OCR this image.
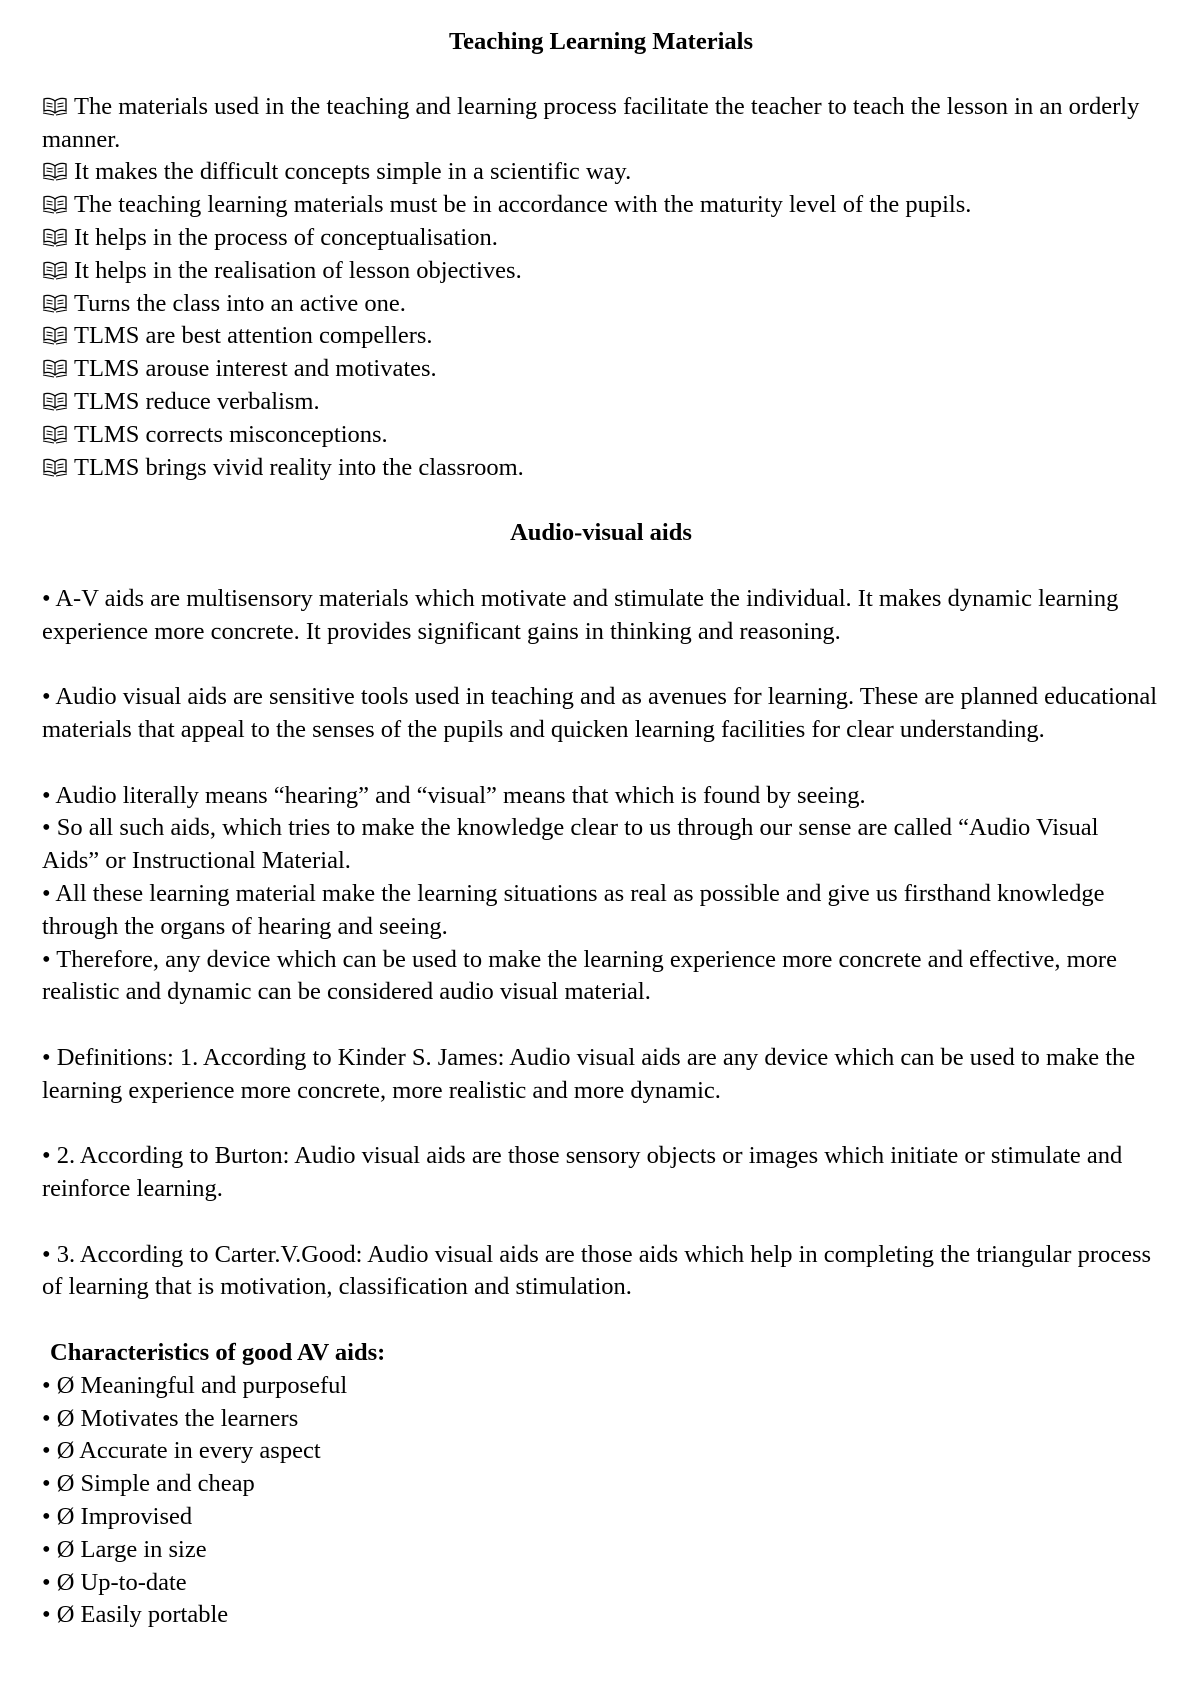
Teaching Learning Materials
The materials used in the teaching and learning process facilitate the teacher to teach the lesson in an orderly manner.
It makes the difficult concepts simple in a scientific way.
The teaching learning materials must be in accordance with the maturity level of the pupils.
It helps in the process of conceptualisation.
It helps in the realisation of lesson objectives.
Turns the class into an active one.
TLMS are best attention compellers.
TLMS arouse interest and motivates.
TLMS reduce verbalism.
TLMS corrects misconceptions.
TLMS brings vivid reality into the classroom.
Audio-visual aids
• A-V aids are multisensory materials which motivate and stimulate the individual. It makes dynamic learning experience more concrete. It provides significant gains in thinking and reasoning.
• Audio visual aids are sensitive tools used in teaching and as avenues for learning. These are planned educational materials that appeal to the senses of the pupils and quicken learning facilities for clear understanding.
• Audio literally means “hearing” and “visual” means that which is found by seeing.
• So all such aids, which tries to make the knowledge clear to us through our sense are called “Audio Visual Aids” or Instructional Material.
• All these learning material make the learning situations as real as possible and give us firsthand knowledge through the organs of hearing and seeing.
• Therefore, any device which can be used to make the learning experience more concrete and effective, more realistic and dynamic can be considered audio visual material.
• Definitions: 1. According to Kinder S. James: Audio visual aids are any device which can be used to make the learning experience more concrete, more realistic and more dynamic.
• 2. According to Burton: Audio visual aids are those sensory objects or images which initiate or stimulate and reinforce learning.
• 3. According to Carter.V.Good: Audio visual aids are those aids which help in completing the triangular process of learning that is motivation, classification and stimulation.
Characteristics of good AV aids:
• Ø Meaningful and purposeful
• Ø Motivates the learners
• Ø Accurate in every aspect
• Ø Simple and cheap
• Ø Improvised
• Ø Large in size
• Ø Up-to-date
• Ø Easily portable
